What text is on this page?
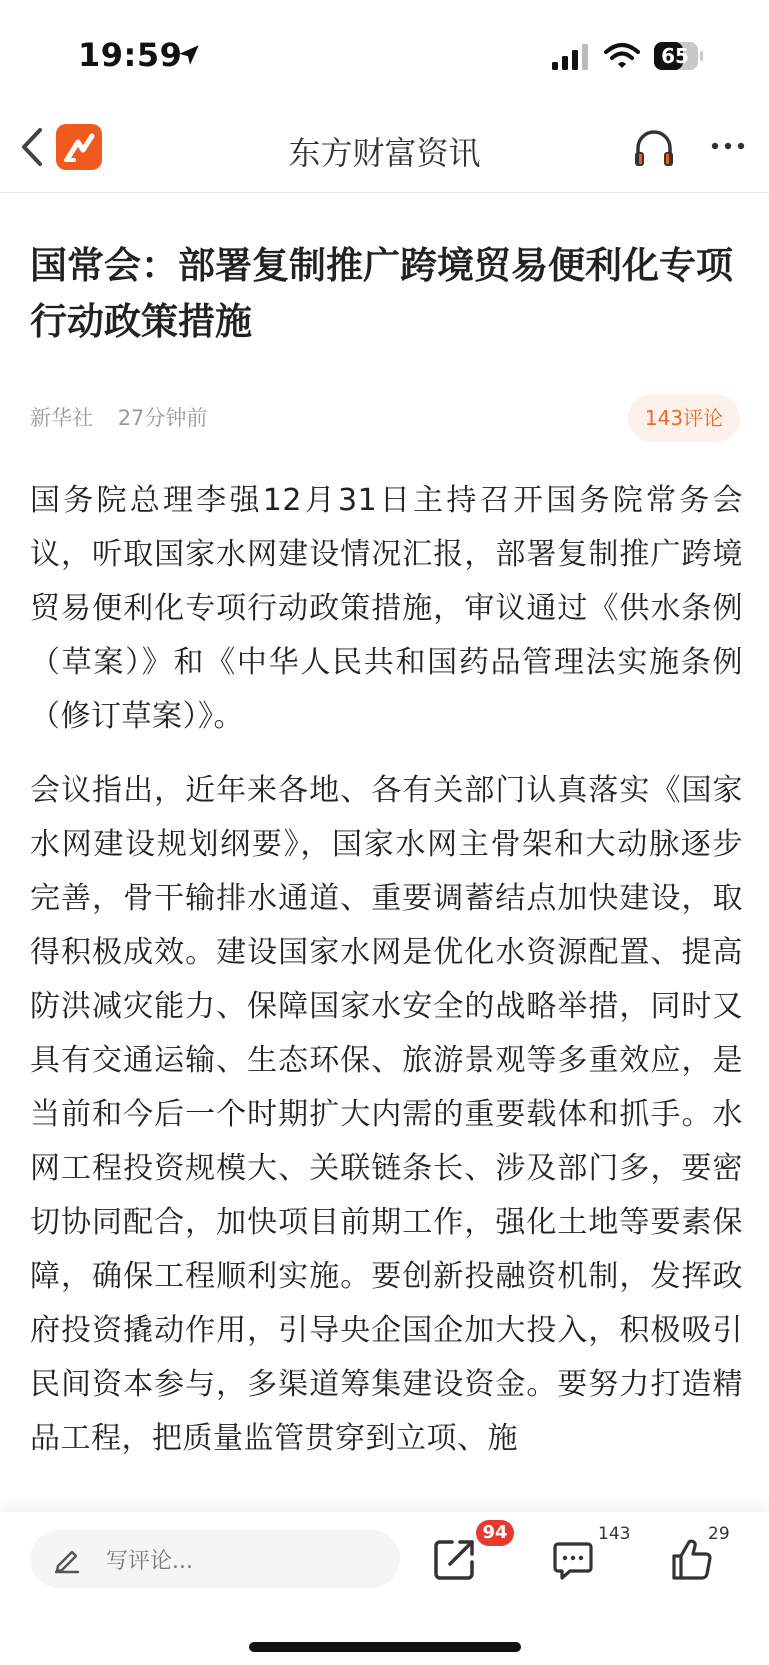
19:59	65
东方财富资讯
国常会：部署复制推广跨境贸易便利化专项行动政策措施
新华社 27分钟前	143评论

国务院总理李强12月31日主持召开国务院常务会议，听取国家水网建设情况汇报，部署复制推广跨境贸易便利化专项行动政策措施，审议通过《供水条例（草案）》和《中华人民共和国药品管理法实施条例（修订草案）》。

会议指出，近年来各地、各有关部门认真落实《国家水网建设规划纲要》，国家水网主骨架和大动脉逐步完善，骨干输排水通道、重要调蓄结点加快建设，取得积极成效。建设国家水网是优化水资源配置、提高防洪减灾能力、保障国家水安全的战略举措，同时又具有交通运输、生态环保、旅游景观等多重效应，是当前和今后一个时期扩大内需的重要载体和抓手。水网工程投资规模大、关联链条长、涉及部门多，要密切协同配合，加快项目前期工作，强化土地等要素保障，确保工程顺利实施。要创新投融资机制，发挥政府投资撬动作用，引导央企国企加大投入，积极吸引民间资本参与，多渠道筹集建设资金。要努力打造精品工程，把质量监管贯穿到立项、施

写评论...
94	143	29
